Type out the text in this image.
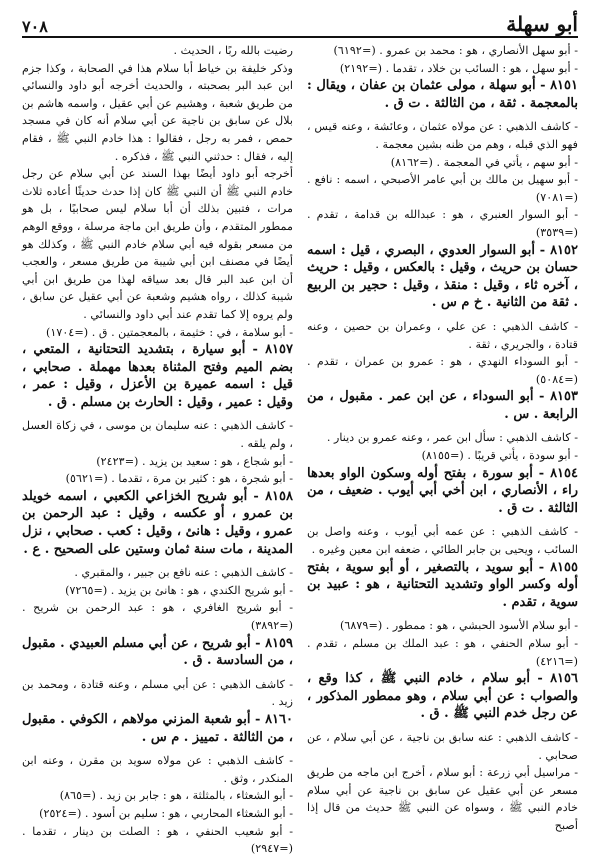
أبو سهلة
٧٠٨

- أبو سهل الأنصاري ، هو : محمد بن عمرو . (=٦١٩٢)

- أبو سهل ، هو : السائب بن خلاد ، تقدما . (=٢١٩٢)

٨١٥١ - أبو سهلة ، مولى عثمان بن عفان ، ويقال : بالمعجمة . ثقة ، من الثالثة . ت ق .

- كاشف الذهبي : عن مولاه عثمان ، وعائشة ، وعنه قيس ، فهو الذي قبله ، وهم من ظنه بشين معجمة .

- أبو سهم ، يأتي في المعجمة . (=٨١٦٢)

- أبو سهيل بن مالك بن أبي عامر الأصبحي ، اسمه : نافع . (=٧٠٨١)

- أبو السوار العنبري ، هو : عبدالله بن قدامة ، تقدم . (=٣٥٣٩)

٨١٥٢ - أبو السوار العدوي ، البصري ، قيل : اسمه حسان بن حريث ، وقيل : بالعكس ، وقيل : حريث ، آخره ثاء ، وقيل : منقذ ، وقيل : حجير بن الربيع . ثقة من الثانية . خ م س .

- كاشف الذهبي : عن علي ، وعمران بن حصين ، وعنه قتادة ، والجريري ، ثقة .

- أبو السوداء النهدي ، هو : عمرو بن عمران ، تقدم . (=٥٠٨٤)

٨١٥٣ - أبو السوداء ، عن ابن عمر . مقبول ، من الرابعة . س .

- كاشف الذهبي : سأل ابن عمر ، وعنه عمرو بن دينار .

- أبو سودة ، يأتي قريبًا . (=٨١٥٥)

٨١٥٤ - أبو سورة ، بفتح أوله وسكون الواو بعدها راء ، الأنصاري ، ابن أخي أبي أيوب . ضعيف ، من الثالثة . ت ق .

- كاشف الذهبي : عن عمه أبي أيوب ، وعنه واصل بن السائب ، ويحيى بن جابر الطائي ، ضعفه ابن معين وغيره .

٨١٥٥ - أبو سويد ، بالتصغير ، أو أبو سوية ، بفتح أوله وكسر الواو وتشديد التحتانية ، هو : عبيد بن سوية ، تقدم .

- أبو سلام الأسود الحبشي ، هو : ممطور . (=٦٨٧٩)

- أبو سلام الحنفي ، هو : عبد الملك بن مسلم ، تقدم . (=٤٢١٦)

٨١٥٦ - أبو سلام ، خادم النبي ﷺ ، كذا وقع ، والصواب : عن أبي سلام ، وهو ممطور المذكور ، عن رجل خدم النبي ﷺ . ق .

- كاشف الذهبي : عنه سابق بن ناجية ، عن أبي سلام ، عن صحابي .

- مراسيل أبي زرعة : أبو سلام ، أخرج ابن ماجه من طريق مسعر عن أبي عقيل عن سابق بن ناجية عن أبي سلام خادم النبي ﷺ ، وسواه عن النبي ﷺ حديث من قال إذا أصبح

رضيت بالله ربًا ، الحديث .

وذكر خليفة بن خياط أبا سلام هذا في الصحابة ، وكذا جزم ابن عبد البر بصحبته ، والحديث أخرجه أبو داود والنسائي من طريق شعبة ، وهشيم عن أبي عقيل ، واسمه هاشم بن بلال عن سابق بن ناجية عن أبي سلام أنه كان في مسجد حمص ، فمر به رجل ، فقالوا : هذا خادم النبي ﷺ ، فقام إليه ، فقال : حدثني النبي ﷺ ، فذكره .

أخرجه أبو داود أيضًا بهذا السند عن أبي سلام عن رجل خادم النبي ﷺ أن النبي ﷺ كان إذا حدث حديثًا أعاده ثلاث مرات ، فتبين بذلك أن أبا سلام ليس صحابيًا ، بل هو ممطور المتقدم ، وأن طريق ابن ماجة مرسلة ، ووقع الوهم من مسعر بقوله فيه أبي سلام خادم النبي ﷺ ، وكذلك هو أيضًا في مصنف ابن أبي شيبة من طريق مسعر ، والعجب أن ابن عبد البر قال بعد سياقه لهذا من طريق ابن أبي شيبة كذلك ، رواه هشيم وشعبة عن أبي عقيل عن سابق ، ولم يروه إلا كما تقدم عند أبي داود والنسائي .

- أبو سلامة ، في : خثيمة ، بالمعجمتين . ق . (=١٧٠٤)

٨١٥٧ - أبو سيارة ، بتشديد التحتانية ، المتعي ، بضم الميم وفتح المثناة بعدها مهملة . صحابي ، قيل : اسمه عميرة بن الأعزل ، وقيل : عمر ، وقيل : عمير ، وقيل : الحارث بن مسلم . ق .

- كاشف الذهبي : عنه سليمان بن موسى ، في زكاة العسل ، ولم يلقه .

- أبو شجاع ، هو : سعيد بن يزيد . (=٢٤٢٣)

- أبو شجرة ، هو : كثير بن مرة ، تقدما . (=٥٦٢١)

٨١٥٨ - أبو شريح الخزاعي الكعبي ، اسمه خويلد بن عمرو ، أو عكسه ، وقيل : عبد الرحمن بن عمرو ، وقيل : هانئ ، وقيل : كعب . صحابي ، نزل المدينة ، مات سنة ثمان وستين على الصحيح . ع .

- كاشف الذهبي : عنه نافع بن جبير ، والمقبري .

- أبو شريح الكندي ، هو : هانئ بن يزيد . (=٧٢٦٥)

- أبو شريح الغافري ، هو : عبد الرحمن بن شريح . (=٣٨٩٢)

٨١٥٩ - أبو شريح ، عن أبي مسلم العبيدي . مقبول ، من السادسة . ق .

- كاشف الذهبي : عن أبي مسلم ، وعنه قتادة ، ومحمد بن زيد .

٨١٦٠ - أبو شعبة المزني مولاهم ، الكوفي . مقبول ، من الثالثة . تمييز . م س .

- كاشف الذهبي : عن مولاه سويد بن مقرن ، وعنه ابن المنكدر ، وثق .

- أبو الشعثاء ، بالمثلثة ، هو : جابر بن زيد . (=٨٦٥)

- أبو الشعثاء المحاربي ، هو : سليم بن أسود . (=٢٥٢٤)

- أبو شعيب الحنفي ، هو : الصلت بن دينار ، تقدما . (=٢٩٤٧)
